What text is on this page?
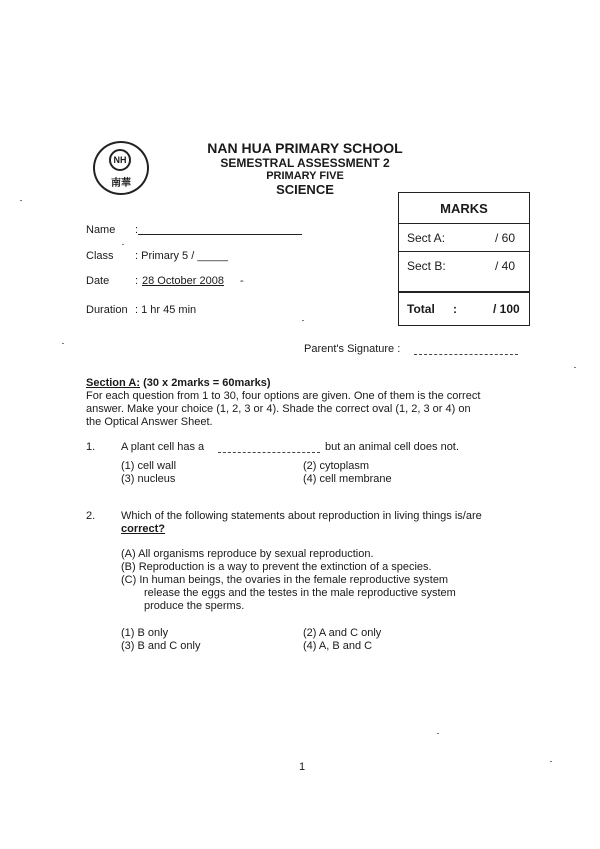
NH
南華
NAN HUA PRIMARY SCHOOL
SEMESTRAL ASSESSMENT 2
PRIMARY FIVE
SCIENCE
Name :
Class : Primary 5 / _____
Date : 28 October 2008 -
Duration : 1 hr 45 min
MARKS
Sect A:	/ 60
Sect B:	/ 40
Total :	/ 100
Parent's Signature :
Section A: (30 x 2marks = 60marks)
For each question from 1 to 30, four options are given. One of them is the correct
answer. Make your choice (1, 2, 3 or 4). Shade the correct oval (1, 2, 3 or 4) on
the Optical Answer Sheet.
1. A plant cell has a	but an animal cell does not.
(1) cell wall	(2) cytoplasm
(3) nucleus	(4) cell membrane
2. Which of the following statements about reproduction in living things is/are
correct?
(A) All organisms reproduce by sexual reproduction.
(B) Reproduction is a way to prevent the extinction of a species.
(C) In human beings, the ovaries in the female reproductive system
release the eggs and the testes in the male reproductive system
produce the sperms.
(1) B only	(2) A and C only
(3) B and C only	(4) A, B and C
1
